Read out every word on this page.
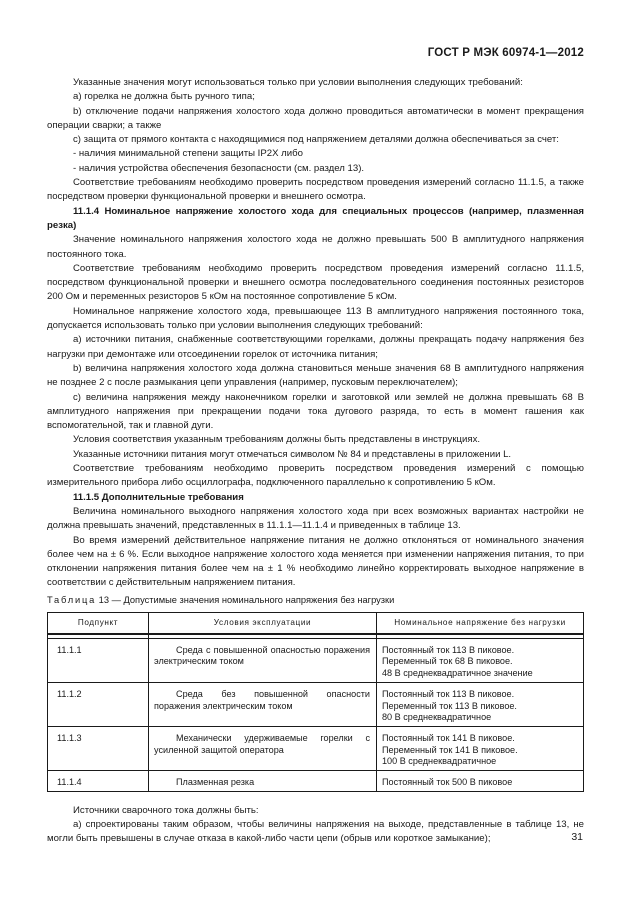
ГОСТ Р МЭК 60974-1—2012

Указанные значения могут использоваться только при условии выполнения следующих требований:

а) горелка не должна быть ручного типа;

b) отключение подачи напряжения холостого хода должно проводиться автоматически в момент прекращения операции сварки; а также

с) защита от прямого контакта с находящимися под напряжением деталями должна обеспечиваться за счет:

- наличия минимальной степени защиты IP2X либо

- наличия устройства обеспечения безопасности (см. раздел 13).

Соответствие требованиям необходимо проверить посредством проведения измерений согласно 11.1.5, а также посредством проверки функциональной проверки и внешнего осмотра.

11.1.4 Номинальное напряжение холостого хода для специальных процессов (например, плазменная резка)

Значение номинального напряжения холостого хода не должно превышать 500 В амплитудного напряжения постоянного тока.

Соответствие требованиям необходимо проверить посредством проведения измерений согласно 11.1.5, посредством функциональной проверки и внешнего осмотра последовательного соединения постоянных резисторов 200 Ом и переменных резисторов 5 кОм на постоянное сопротивление 5 кОм.

Номинальное напряжение холостого хода, превышающее 113 В амплитудного напряжения постоянного тока, допускается использовать только при условии выполнения следующих требований:

а) источники питания, снабженные соответствующими горелками, должны прекращать подачу напряжения без нагрузки при демонтаже или отсоединении горелок от источника питания;

b) величина напряжения холостого хода должна становиться меньше значения 68 В амплитудного напряжения не позднее 2 с после размыкания цепи управления (например, пусковым переключателем);

с) величина напряжения между наконечником горелки и заготовкой или землей не должна превышать 68 В амплитудного напряжения при прекращении подачи тока дугового разряда, то есть в момент гашения как вспомогательной, так и главной дуги.

Условия соответствия указанным требованиям должны быть представлены в инструкциях.

Указанные источники питания могут отмечаться символом № 84 и представлены в приложении L.

Соответствие требованиям необходимо проверить посредством проведения измерений с помощью измерительного прибора либо осциллографа, подключенного параллельно к сопротивлению 5 кОм.

11.1.5 Дополнительные требования

Величина номинального выходного напряжения холостого хода при всех возможных вариантах настройки не должна превышать значений, представленных в 11.1.1—11.1.4 и приведенных в таблице 13.

Во время измерений действительное напряжение питания не должно отклоняться от номинального значения более чем на ± 6 %. Если выходное напряжение холостого хода меняется при изменении напряжения питания, то при отклонении напряжения питания более чем на ± 1 % необходимо линейно корректировать выходное напряжение в соответствии с действительным напряжением питания.

Таблица 13 — Допустимые значения номинального напряжения без нагрузки
Подпункт	Условия эксплуатации	Номинальное напряжение без нагрузки

11.1.1	Среда с повышенной опасностью поражения электрическим током	Постоянный ток 113 В пиковое.
Переменный ток 68 В пиковое.
48 В среднеквадратичное значение

11.1.2	Среда без повышенной опасности поражения электрическим током	Постоянный ток 113 В пиковое.
Переменный ток 113 В пиковое.
80 В среднеквадратичное

11.1.3	Механически удерживаемые горелки с усиленной защитой оператора	Постоянный ток 141 В пиковое.
Переменный ток 141 В пиковое.
100 В среднеквадратичное

11.1.4	Плазменная резка	Постоянный ток 500 В пиковое

Источники сварочного тока должны быть:

а) спроектированы таким образом, чтобы величины напряжения на выходе, представленные в таблице 13, не могли быть превышены в случае отказа в какой-либо части цепи (обрыв или короткое замыкание);	31
